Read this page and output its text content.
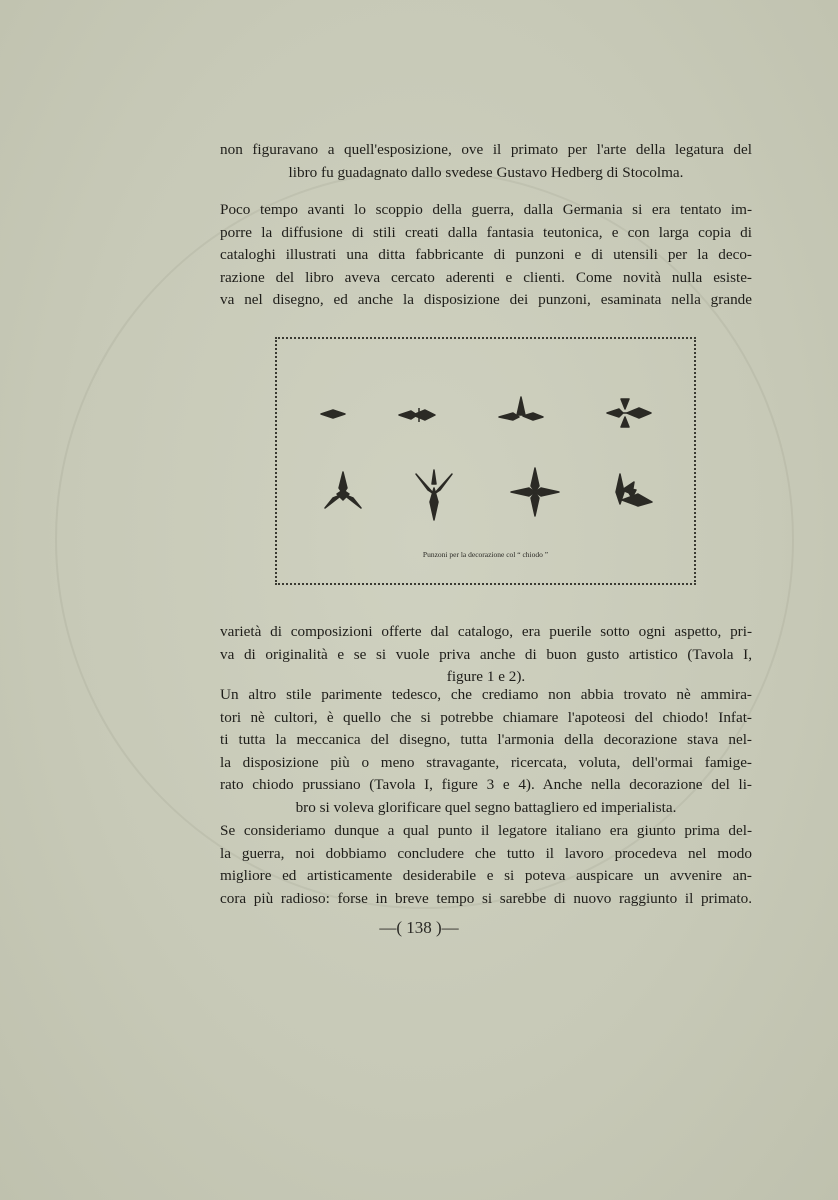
non figuravano a quell'esposizione, ove il primato per l'arte della legatura del
libro fu guadagnato dallo svedese Gustavo Hedberg di Stocolma.
Poco tempo avanti lo scoppio della guerra, dalla Germania si era tentato im-
porre la diffusione di stili creati dalla fantasia teutonica, e con larga copia di
cataloghi illustrati una ditta fabbricante di punzoni e di utensili per la deco-
razione del libro aveva cercato aderenti e clienti. Come novità nulla esiste-
va nel disegno, ed anche la disposizione dei punzoni, esaminata nella grande
Punzoni per la decorazione col “ chiodo ”
varietà di composizioni offerte dal catalogo, era puerile sotto ogni aspetto, pri-
va di originalità e se si vuole priva anche di buon gusto artistico (Tavola I,
figure 1 e 2).
Un altro stile parimente tedesco, che crediamo non abbia trovato nè ammira-
tori nè cultori, è quello che si potrebbe chiamare l'apoteosi del chiodo! Infat-
ti tutta la meccanica del disegno, tutta l'armonia della decorazione stava nel-
la disposizione più o meno stravagante, ricercata, voluta, dell'ormai famige-
rato chiodo prussiano (Tavola I, figure 3 e 4). Anche nella decorazione del li-
bro si voleva glorificare quel segno battagliero ed imperialista.
Se consideriamo dunque a qual punto il legatore italiano era giunto prima del-
la guerra, noi dobbiamo concludere che tutto il lavoro procedeva nel modo
migliore ed artisticamente desiderabile e si poteva auspicare un avvenire an-
cora più radioso: forse in breve tempo si sarebbe di nuovo raggiunto il primato.
—( 138 )—
